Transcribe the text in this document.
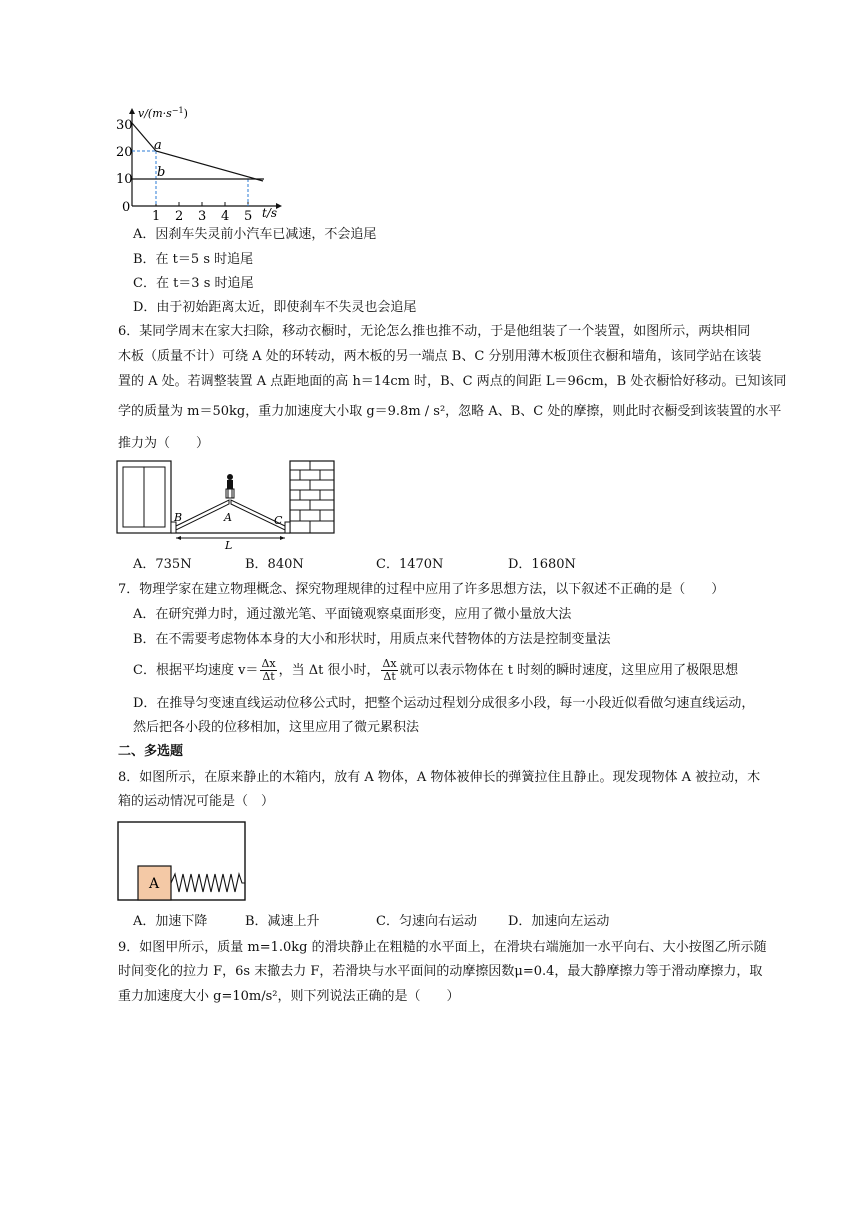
30
20
10
0
1 2 3 4 5 t/s
$v/(m\cdot s^{-1})$
a
b
A．因刹车失灵前小汽车已减速，不会追尾
B．在 t＝5 s 时追尾
C．在 t＝3 s 时追尾
D．由于初始距离太近，即使刹车不失灵也会追尾
6．某同学周末在家大扫除，移动衣橱时，无论怎么推也推不动，于是他组装了一个装置，如图所示，两块相同
木板（质量不计）可绕 A 处的环转动，两木板的另一端点 B、C 分别用薄木板顶住衣橱和墙角，该同学站在该装
置的 A 处。若调整装置 A 点距地面的高 h＝14cm 时，B、C 两点的间距 L＝96cm，B 处衣橱恰好移动。已知该同
学的质量为 m＝50kg，重力加速度大小取 g＝9.8m / s²，忽略 A、B、C 处的摩擦，则此时衣橱受到该装置的水平
推力为（　　）
B	A	C
L
A．735N	B．840N	C．1470N	D．1680N
7．物理学家在建立物理概念、探究物理规律的过程中应用了许多思想方法，以下叙述不正确的是（　　）
A．在研究弹力时，通过激光笔、平面镜观察桌面形变，应用了微小量放大法
B．在不需要考虑物体本身的大小和形状时，用质点来代替物体的方法是控制变量法
C．根据平均速度 $v= \frac{\Delta x}{\Delta t}$ ，当 Δt 很小时， $\frac{\Delta x}{\Delta t}$ 就可以表示物体在 t 时刻的瞬时速度，这里应用了极限思想
D．在推导匀变速直线运动位移公式时，把整个运动过程划分成很多小段，每一小段近似看做匀速直线运动，
然后把各小段的位移相加，这里应用了微元累积法
二、多选题
8．如图所示，在原来静止的木箱内，放有 A 物体，A 物体被伸长的弹簧拉住且静止。现发现物体 A 被拉动，木
箱的运动情况可能是（　）
A
A．加速下降	B．减速上升	C．匀速向右运动 D．加速向左运动
9．如图甲所示，质量 m=1.0kg 的滑块静止在粗糙的水平面上，在滑块右端施加一水平向右、大小按图乙所示随
时间变化的拉力 F，6s 末撤去力 F，若滑块与水平面间的动摩擦因数μ=0.4，最大静摩擦力等于滑动摩擦力，取
重力加速度大小 g=10m/s²，则下列说法正确的是（　　）
